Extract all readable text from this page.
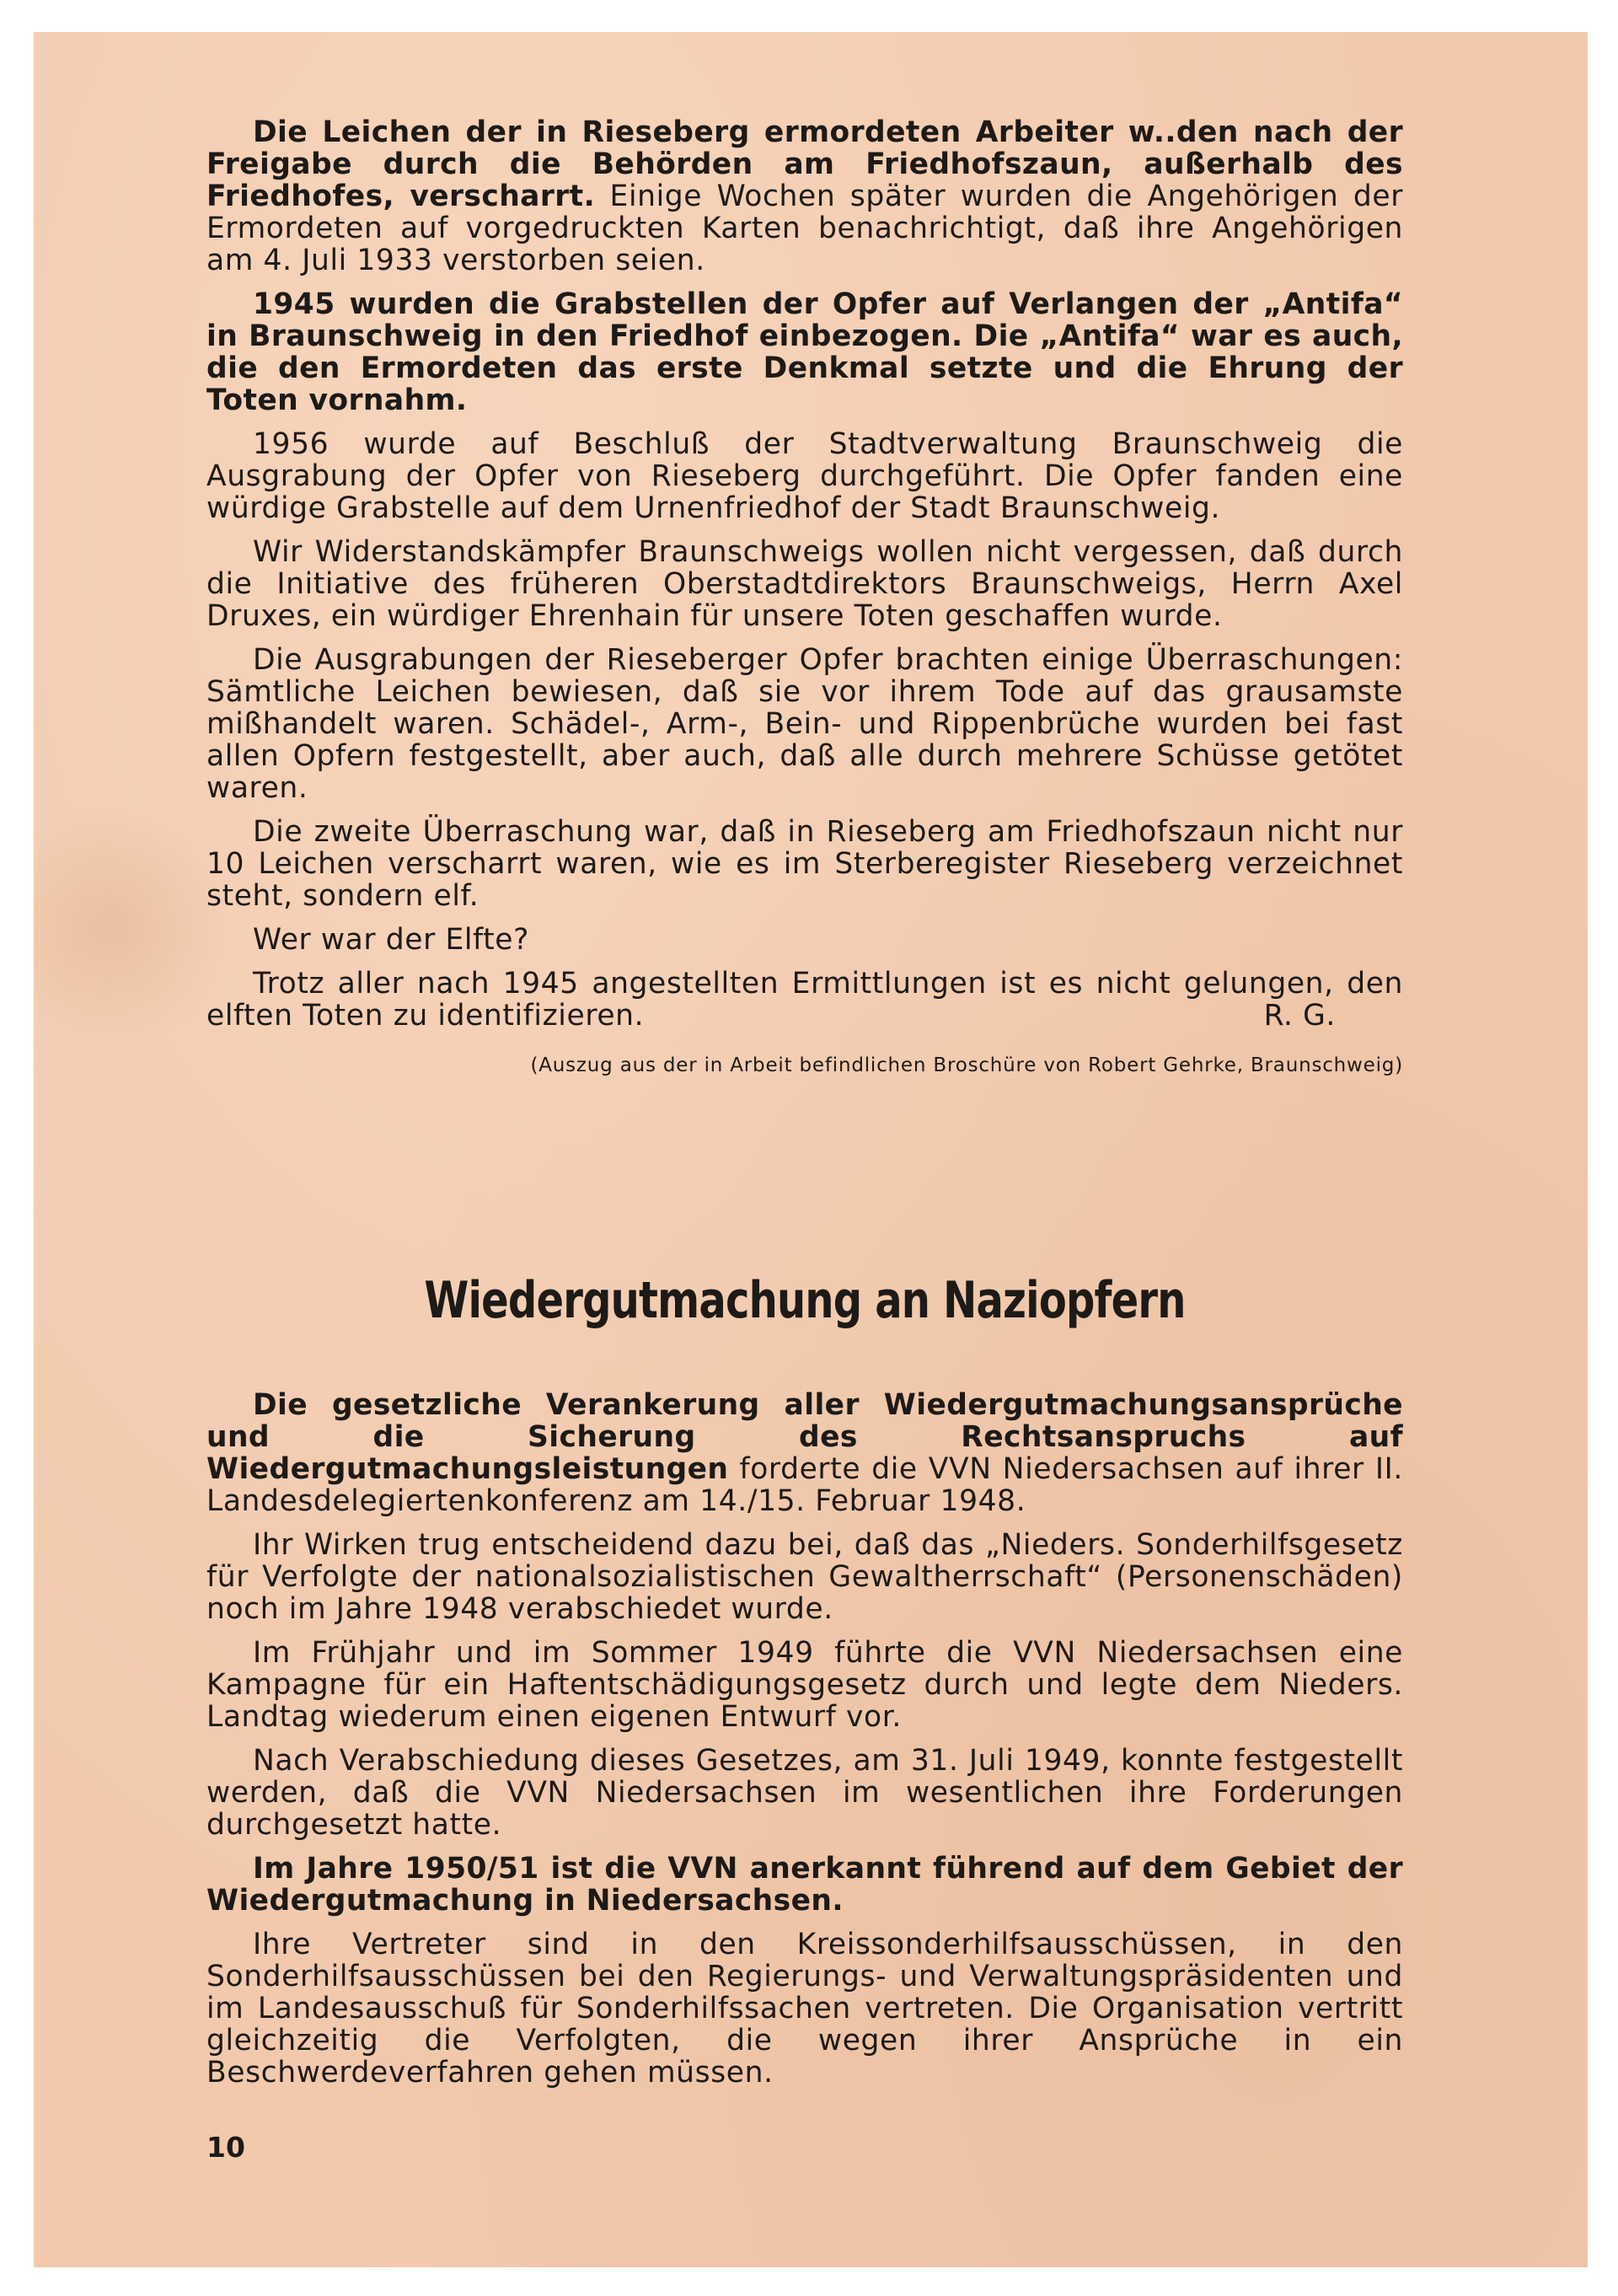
Die Leichen der in Rieseberg ermordeten Arbeiter w..den nach der Freigabe durch die Behörden am Friedhofszaun, außerhalb des Friedhofes, verscharrt. Einige Wochen später wurden die Angehörigen der Ermordeten auf vorgedruckten Karten benachrichtigt, daß ihre Angehörigen am 4. Juli 1933 verstorben seien.

1945 wurden die Grabstellen der Opfer auf Verlangen der „Antifa“ in Braunschweig in den Friedhof einbezogen. Die „Antifa“ war es auch, die den Ermordeten das erste Denkmal setzte und die Ehrung der Toten vornahm.

1956 wurde auf Beschluß der Stadtverwaltung Braunschweig die Ausgrabung der Opfer von Rieseberg durchgeführt. Die Opfer fanden eine würdige Grabstelle auf dem Urnenfriedhof der Stadt Braunschweig.

Wir Widerstandskämpfer Braunschweigs wollen nicht vergessen, daß durch die Initiative des früheren Oberstadtdirektors Braunschweigs, Herrn Axel Druxes, ein würdiger Ehrenhain für unsere Toten geschaffen wurde.

Die Ausgrabungen der Rieseberger Opfer brachten einige Überraschungen: Sämtliche Leichen bewiesen, daß sie vor ihrem Tode auf das grausamste mißhandelt waren. Schädel-, Arm-, Bein- und Rippenbrüche wurden bei fast allen Opfern festgestellt, aber auch, daß alle durch mehrere Schüsse getötet waren.

Die zweite Überraschung war, daß in Rieseberg am Friedhofszaun nicht nur 10 Leichen verscharrt waren, wie es im Sterberegister Rieseberg verzeichnet steht, sondern elf.

Wer war der Elfte?

Trotz aller nach 1945 angestellten Ermittlungen ist es nicht gelungen, den elften Toten zu identifizieren.	R. G.

(Auszug aus der in Arbeit befindlichen Broschüre von Robert Gehrke, Braunschweig)
Wiedergutmachung an Naziopfern

Die gesetzliche Verankerung aller Wiedergutmachungsansprüche und die Sicherung des Rechtsanspruchs auf Wiedergutmachungsleistungen forderte die VVN Niedersachsen auf ihrer II. Landesdelegiertenkonferenz am 14./15. Februar 1948.

Ihr Wirken trug entscheidend dazu bei, daß das „Nieders. Sonderhilfsgesetz für Verfolgte der nationalsozialistischen Gewaltherrschaft“ (Personenschäden) noch im Jahre 1948 verabschiedet wurde.

Im Frühjahr und im Sommer 1949 führte die VVN Niedersachsen eine Kampagne für ein Haftentschädigungsgesetz durch und legte dem Nieders. Landtag wiederum einen eigenen Entwurf vor.

Nach Verabschiedung dieses Gesetzes, am 31. Juli 1949, konnte festgestellt werden, daß die VVN Niedersachsen im wesentlichen ihre Forderungen durchgesetzt hatte.

Im Jahre 1950/51 ist die VVN anerkannt führend auf dem Gebiet der Wiedergutmachung in Niedersachsen.

Ihre Vertreter sind in den Kreissonderhilfsausschüssen, in den Sonderhilfsausschüssen bei den Regierungs- und Verwaltungspräsidenten und im Landesausschuß für Sonderhilfssachen vertreten. Die Organisation vertritt gleichzeitig die Verfolgten, die wegen ihrer Ansprüche in ein Beschwerdeverfahren gehen müssen.

10
